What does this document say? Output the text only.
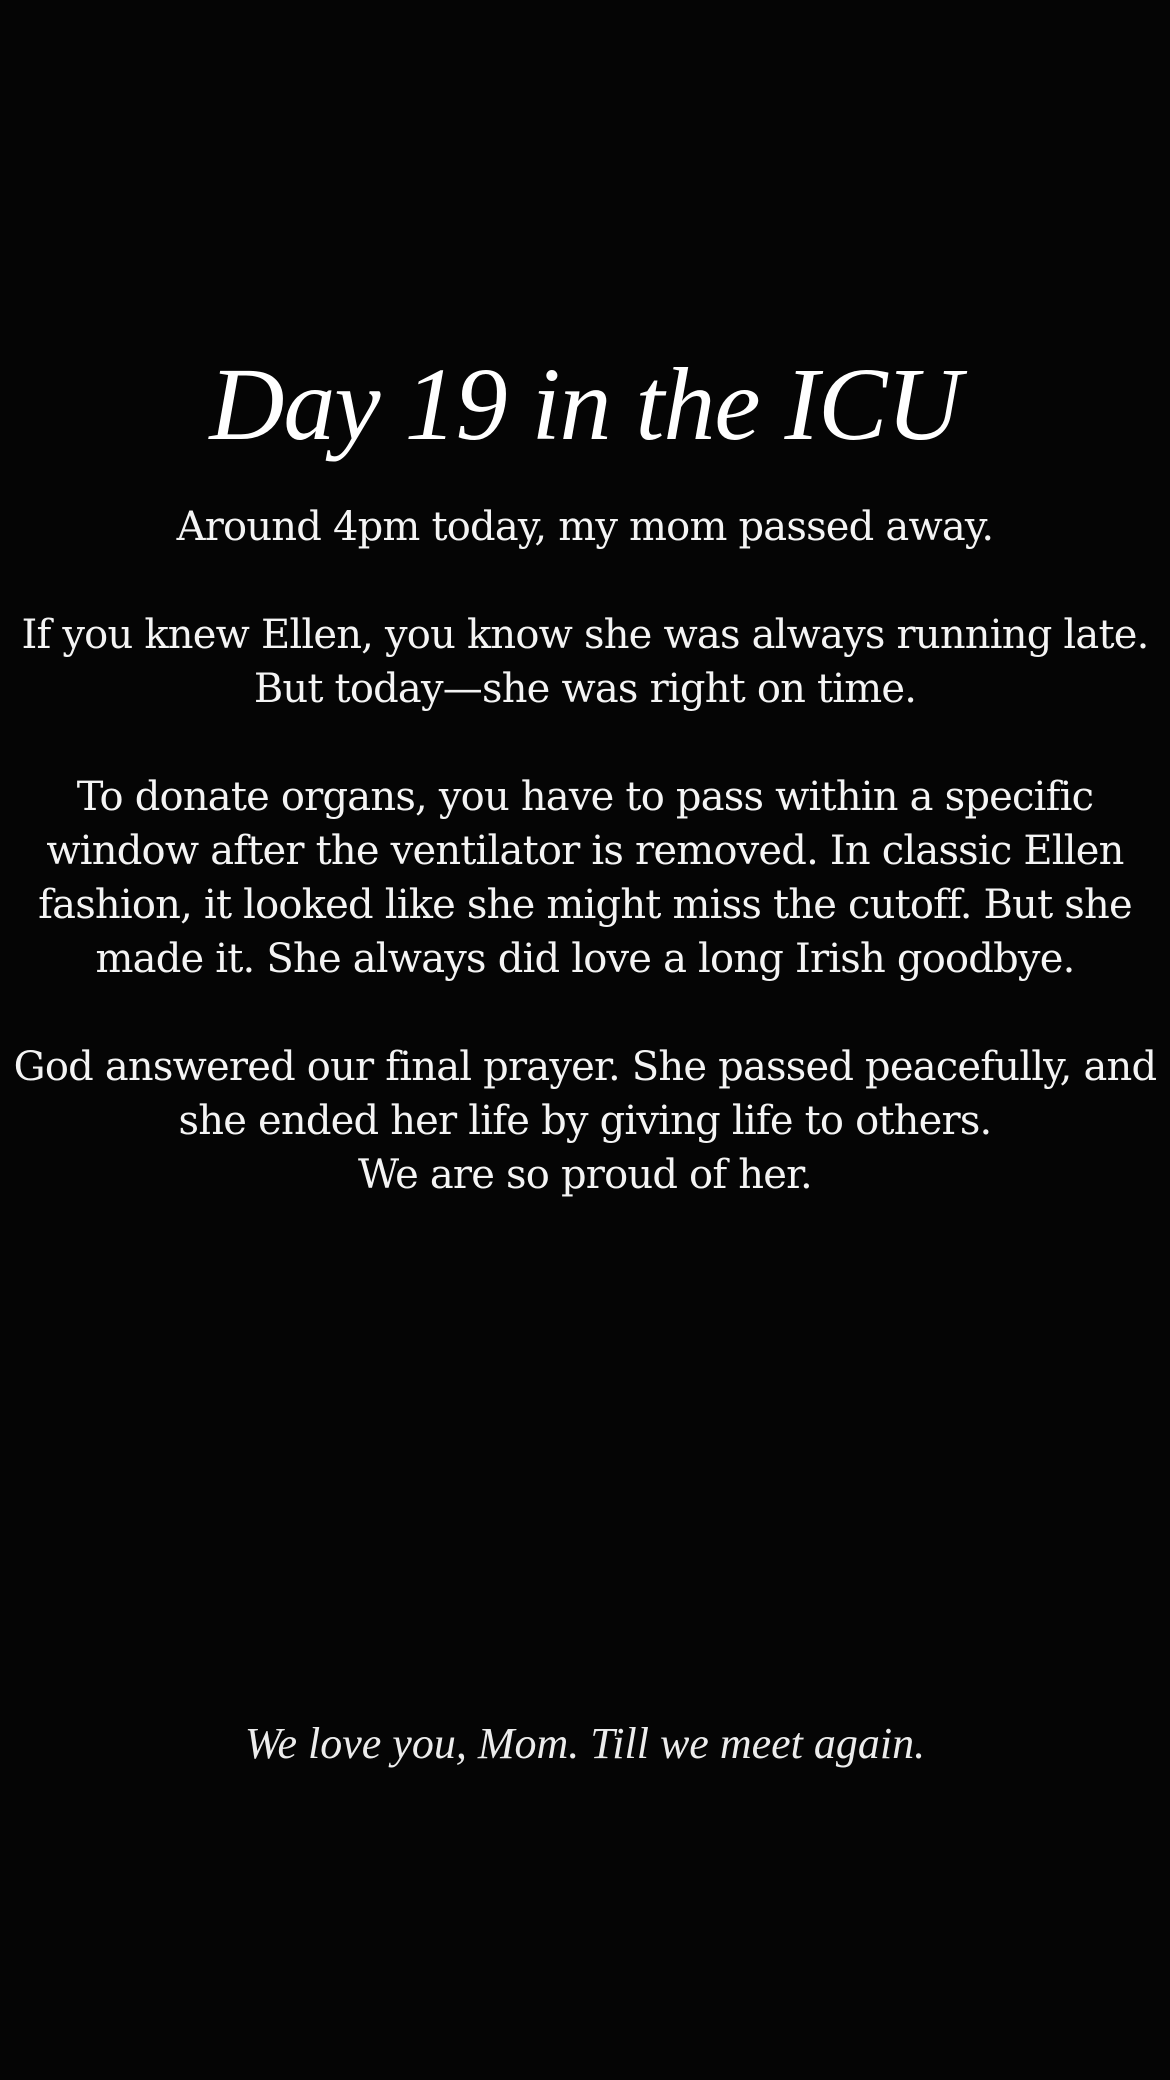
Day 19 in the ICU

Around 4pm today, my mom passed away.

If you knew Ellen, you know she was always running late.
But today—she was right on time.

To donate organs, you have to pass within a specific
window after the ventilator is removed. In classic Ellen
fashion, it looked like she might miss the cutoff. But she
made it. She always did love a long Irish goodbye.

God answered our final prayer. She passed peacefully, and
she ended her life by giving life to others.
We are so proud of her.

We love you, Mom. Till we meet again.
